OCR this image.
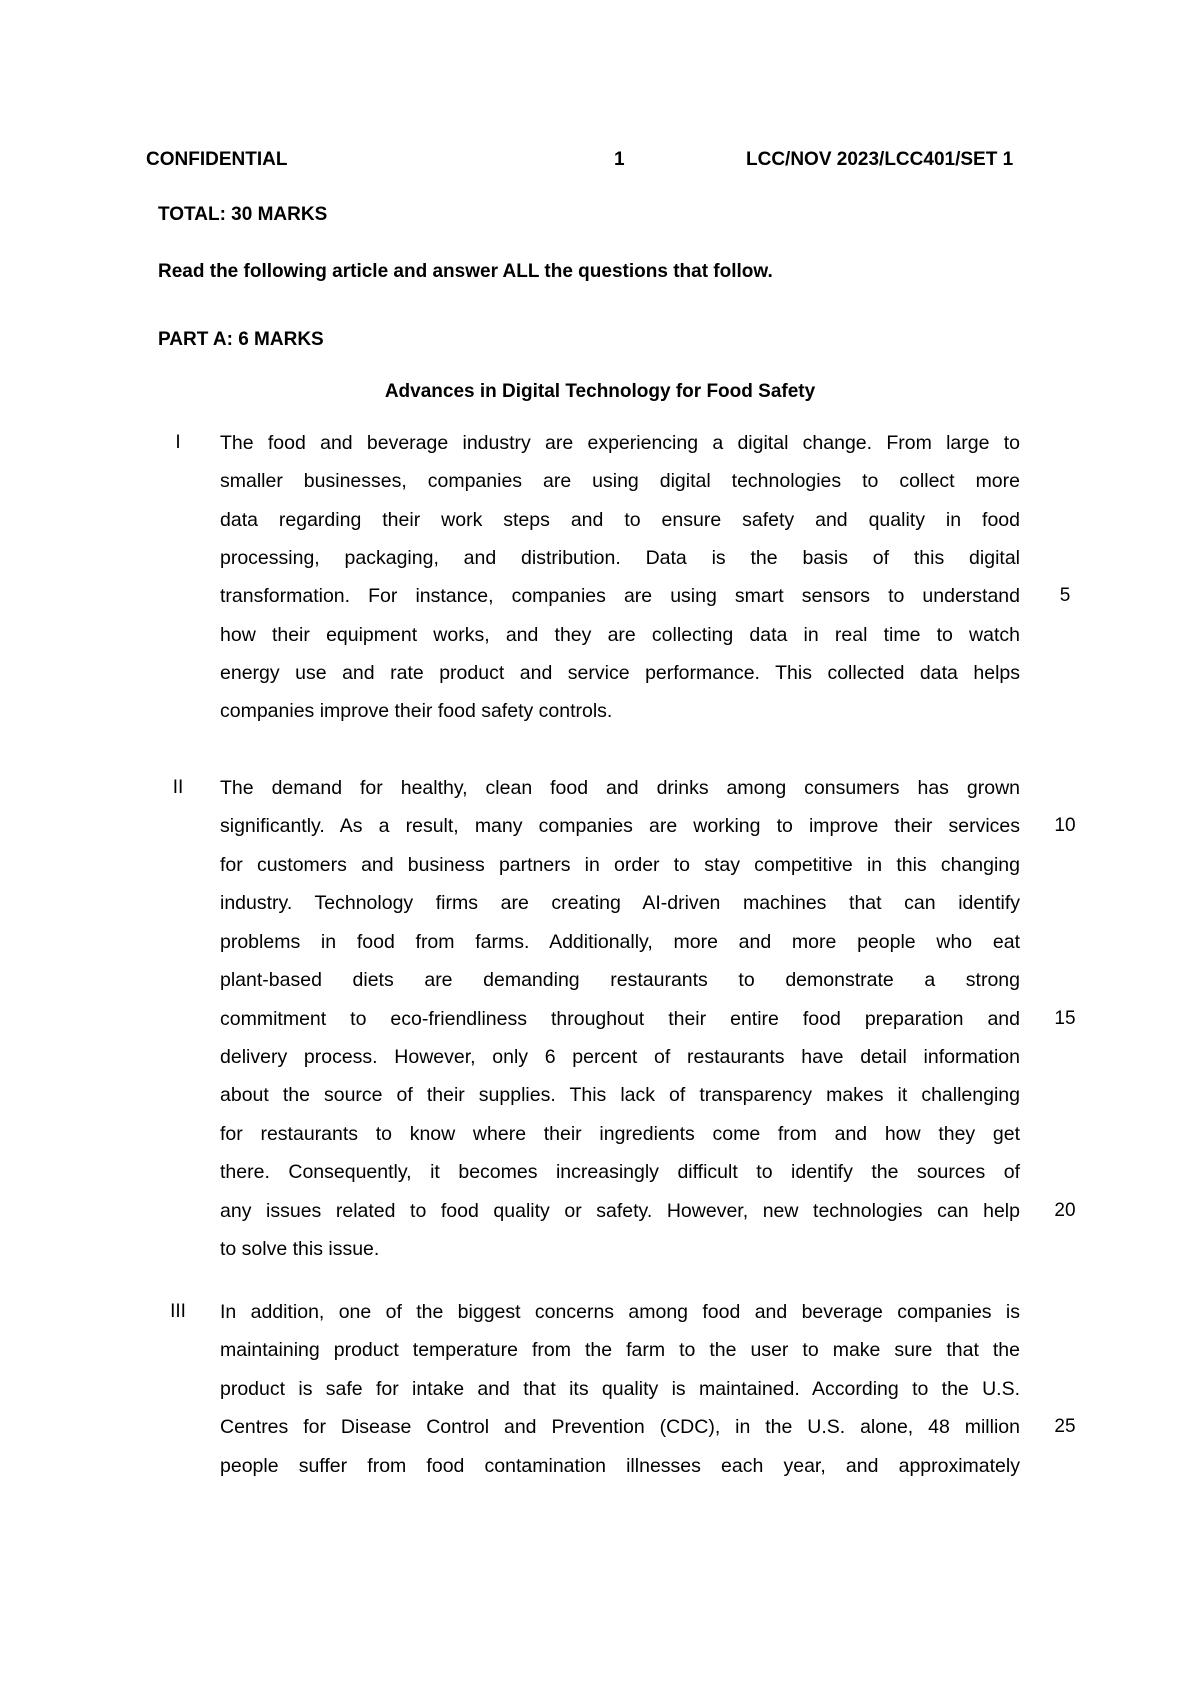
CONFIDENTIAL	1	LCC/NOV 2023/LCC401/SET 1
TOTAL: 30 MARKS
Read the following article and answer ALL the questions that follow.
PART A: 6 MARKS
Advances in Digital Technology for Food Safety
I	The food and beverage industry are experiencing a digital change. From large to
smaller businesses, companies are using digital technologies to collect more
data regarding their work steps and to ensure safety and quality in food
processing, packaging, and distribution. Data is the basis of this digital
transformation. For instance, companies are using smart sensors to understand
how their equipment works, and they are collecting data in real time to watch
energy use and rate product and service performance. This collected data helps
companies improve their food safety controls.
II	The demand for healthy, clean food and drinks among consumers has grown
significantly. As a result, many companies are working to improve their services
for customers and business partners in order to stay competitive in this changing
industry. Technology firms are creating AI-driven machines that can identify
problems in food from farms. Additionally, more and more people who eat
plant-based diets are demanding restaurants to demonstrate a strong
commitment to eco-friendliness throughout their entire food preparation and
delivery process. However, only 6 percent of restaurants have detail information
about the source of their supplies. This lack of transparency makes it challenging
for restaurants to know where their ingredients come from and how they get
there. Consequently, it becomes increasingly difficult to identify the sources of
any issues related to food quality or safety. However, new technologies can help
to solve this issue.
III	In addition, one of the biggest concerns among food and beverage companies is
maintaining product temperature from the farm to the user to make sure that the
product is safe for intake and that its quality is maintained. According to the U.S.
Centres for Disease Control and Prevention (CDC), in the U.S. alone, 48 million
people suffer from food contamination illnesses each year, and approximately
5
10
15
20
25
